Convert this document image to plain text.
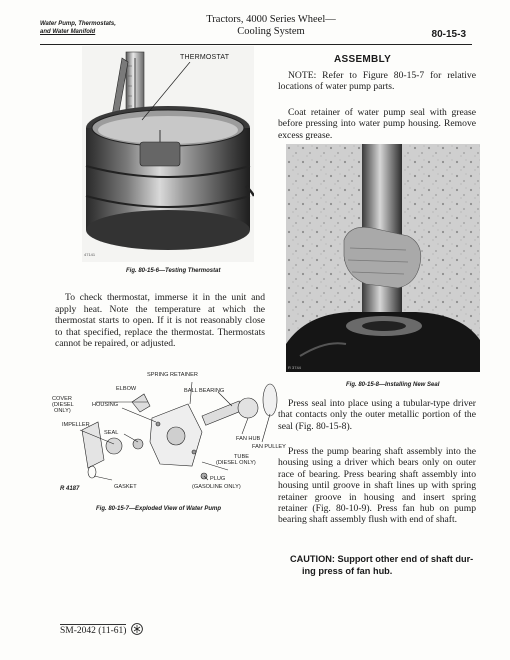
Water Pump, Thermostats,
and Water Manifold
Tractors, 4000 Series Wheel—
Cooling System	80-15-3
47141
THERMOSTAT
Fig. 80-15-6—Testing Thermostat
To check thermostat, immerse it in the unit and apply heat. Note the temperature at which the thermostat starts to open. If it is not reasonably close to that specified, replace the thermostat. Thermostats cannot be repaired, or adjusted.
SPRING RETAINER
ELBOW	BALL BEARING
COVER
(DIESEL
ONLY)
HOUSING
IMPELLER
SEAL
FAN HUB
FAN PULLEY
TUBE
(DIESEL ONLY)
PLUG
GASKET	(GASOLINE ONLY)
R 4187
Fig. 80-15-7—Exploded View of Water Pump
SM-2042 (11-61)
ASSEMBLY
NOTE: Refer to Figure 80-15-7 for relative locations of water pump parts.
Coat retainer of water pump seal with grease before pressing into water pump housing. Remove excess grease.
R 3744
Fig. 80-15-8—Installing New Seal
Press seal into place using a tubular-type driver that contacts only the outer metallic portion of the seal (Fig. 80-15-8).
Press the pump bearing shaft assembly into the housing using a driver which bears only on outer race of bearing. Press bearing shaft assembly into housing until groove in shaft lines up with spring retainer groove in housing and insert spring retainer (Fig. 80-10-9). Press fan hub on pump bearing shaft assembly flush with end of shaft.
CAUTION: Support other end of shaft dur-
ing press of fan hub.
